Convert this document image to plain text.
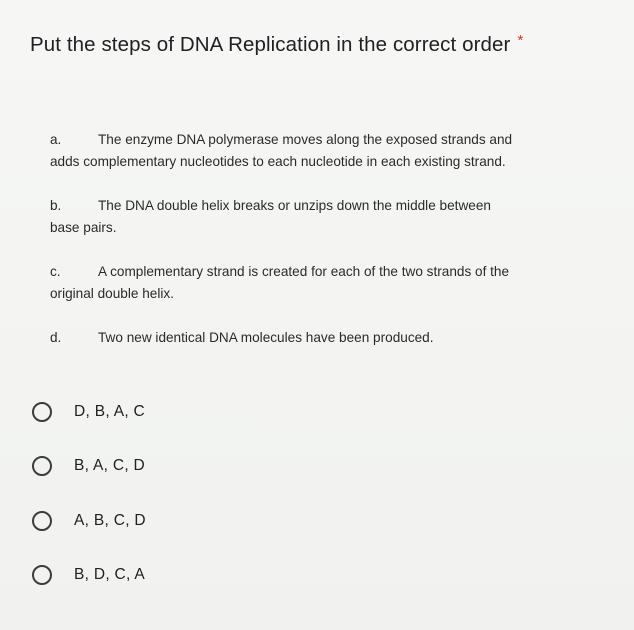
Put the steps of DNA Replication in the correct order *
a.	The enzyme DNA polymerase moves along the exposed strands and
adds complementary nucleotides to each nucleotide in each existing strand.
b.	The DNA double helix breaks or unzips down the middle between
base pairs.
c.	A complementary strand is created for each of the two strands of the
original double helix.
d.	Two new identical DNA molecules have been produced.
D, B, A, C
B, A, C, D
A, B, C, D
B, D, C, A
